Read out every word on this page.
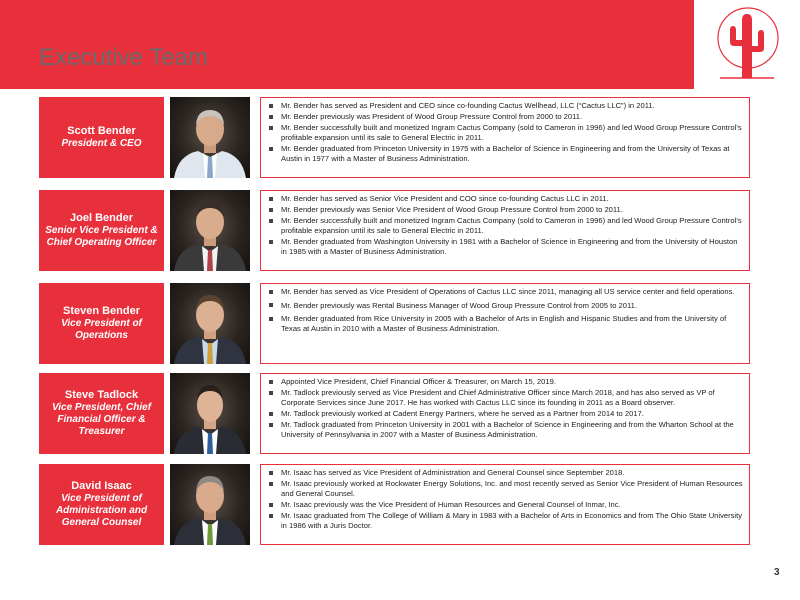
Executive Team
Scott Bender
President & CEO
Mr. Bender has served as President and CEO since co-founding Cactus Wellhead, LLC (“Cactus LLC”) in 2011.
Mr. Bender previously was President of Wood Group Pressure Control from 2000 to 2011.
Mr. Bender successfully built and monetized Ingram Cactus Company (sold to Cameron in 1996) and led Wood Group Pressure Control’s profitable expansion until its sale to General Electric in 2011.
Mr. Bender graduated from Princeton University in 1975 with a Bachelor of Science in Engineering and from the University of Texas at Austin in 1977 with a Master of Business Administration.
Joel Bender
Senior Vice President & Chief Operating Officer
Mr. Bender has served as Senior Vice President and COO since co-founding Cactus LLC in 2011.
Mr. Bender previously was Senior Vice President of Wood Group Pressure Control from 2000 to 2011.
Mr. Bender successfully built and monetized Ingram Cactus Company (sold to Cameron in 1996) and led Wood Group Pressure Control’s profitable expansion until its sale to General Electric in 2011.
Mr. Bender graduated from Washington University in 1981 with a Bachelor of Science in Engineering and from the University of Houston in 1985 with a Master of Business Administration.
Steven Bender
Vice President of Operations
Mr. Bender has served as Vice President of Operations of Cactus LLC since 2011, managing all US service center and field operations.
Mr. Bender previously was Rental Business Manager of Wood Group Pressure Control from 2005 to 2011.
Mr. Bender graduated from Rice University in 2005 with a Bachelor of Arts in English and Hispanic Studies and from the University of Texas at Austin in 2010 with a Master of Business Administration.
Steve Tadlock
Vice President, Chief Financial Officer & Treasurer
Appointed Vice President, Chief Financial Officer & Treasurer, on March 15, 2019.
Mr. Tadlock previously served as Vice President and Chief Administrative Officer since March 2018, and has also served as VP of Corporate Services since June 2017. He has worked with Cactus LLC since its founding in 2011 as a Board observer.
Mr. Tadlock previously worked at Cadent Energy Partners, where he served as a Partner from 2014 to 2017.
Mr. Tadlock graduated from Princeton University in 2001 with a Bachelor of Science in Engineering and from the Wharton School at the University of Pennsylvania in 2007 with a Master of Business Administration.
David Isaac
Vice President of Administration and General Counsel
Mr. Isaac has served as Vice President of Administration and General Counsel since September 2018.
Mr. Isaac previously worked at Rockwater Energy Solutions, Inc. and most recently served as Senior Vice President of Human Resources and General Counsel.
Mr. Isaac previously was the Vice President of Human Resources and General Counsel of Inmar, Inc.
Mr. Isaac graduated from The College of William & Mary in 1983 with a Bachelor of Arts in Economics and from The Ohio State University in 1986 with a Juris Doctor.
3
